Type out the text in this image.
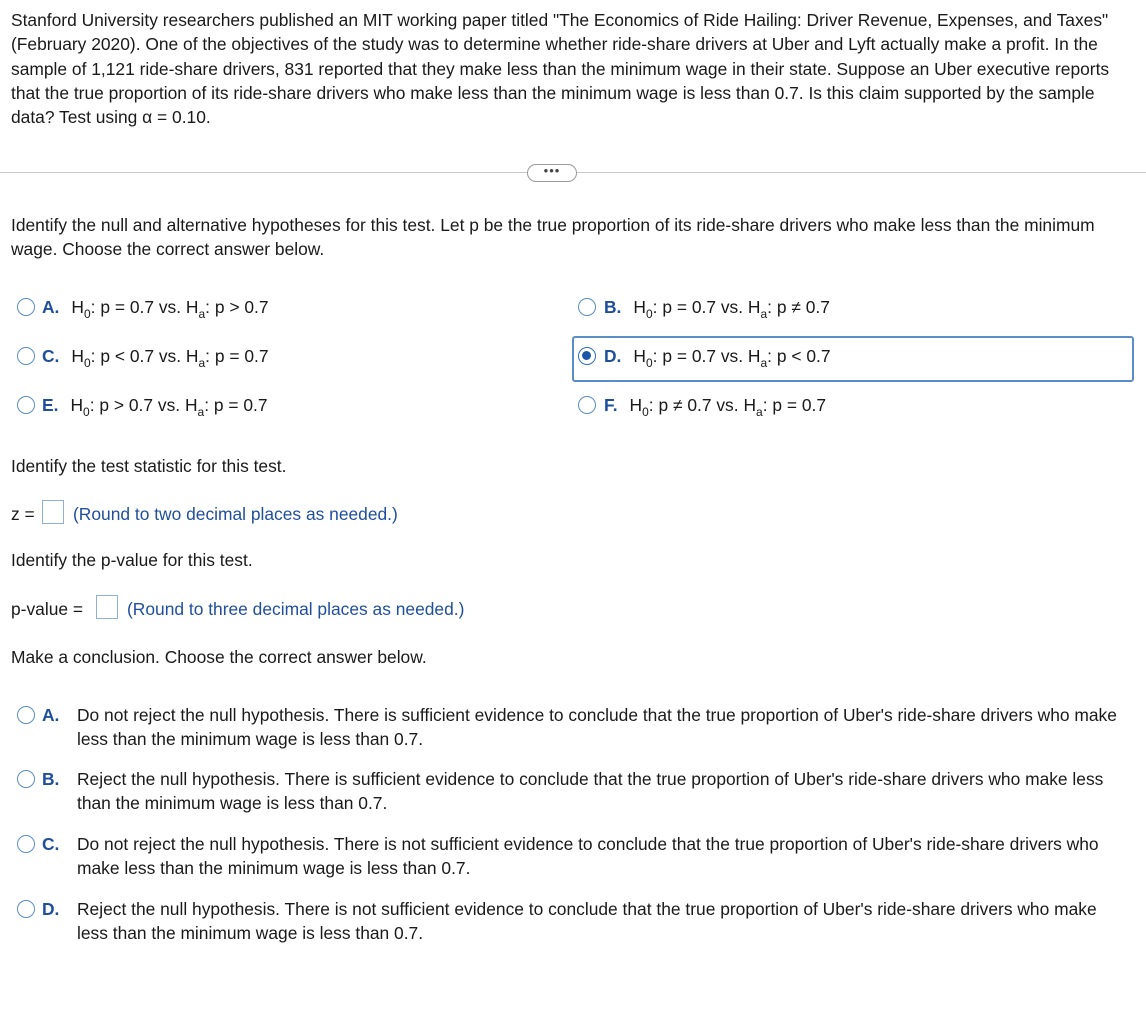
Stanford University researchers published an MIT working paper titled "The Economics of Ride Hailing: Driver Revenue, Expenses, and Taxes" (February 2020). One of the objectives of the study was to determine whether ride-share drivers at Uber and Lyft actually make a profit. In the sample of 1,121 ride-share drivers, 831 reported that they make less than the minimum wage in their state. Suppose an Uber executive reports that the true proportion of its ride-share drivers who make less than the minimum wage is less than 0.7. Is this claim supported by the sample data? Test using α = 0.10.
•••
Identify the null and alternative hypotheses for this test. Let p be the true proportion of its ride-share drivers who make less than the minimum wage. Choose the correct answer below.
A. $H_0$: p = 0.7 vs. $H_a$: p > 0.7	B. $H_0$: p = 0.7 vs. $H_a$: p ≠ 0.7
C. $H_0$: p < 0.7 vs. $H_a$: p = 0.7	D. $H_0$: p = 0.7 vs. $H_a$: p < 0.7
E. $H_0$: p > 0.7 vs. $H_a$: p = 0.7	F. $H_0$: p ≠ 0.7 vs. $H_a$: p = 0.7
Identify the test statistic for this test.
z = (Round to two decimal places as needed.)
Identify the p-value for this test.
p-value =	(Round to three decimal places as needed.)
Make a conclusion. Choose the correct answer below.
A. Do not reject the null hypothesis. There is sufficient evidence to conclude that the true proportion of Uber's ride-share drivers who make less than the minimum wage is less than 0.7.
B. Reject the null hypothesis. There is sufficient evidence to conclude that the true proportion of Uber's ride-share drivers who make less than the minimum wage is less than 0.7.
C. Do not reject the null hypothesis. There is not sufficient evidence to conclude that the true proportion of Uber's ride-share drivers who make less than the minimum wage is less than 0.7.
D. Reject the null hypothesis. There is not sufficient evidence to conclude that the true proportion of Uber's ride-share drivers who make less than the minimum wage is less than 0.7.
